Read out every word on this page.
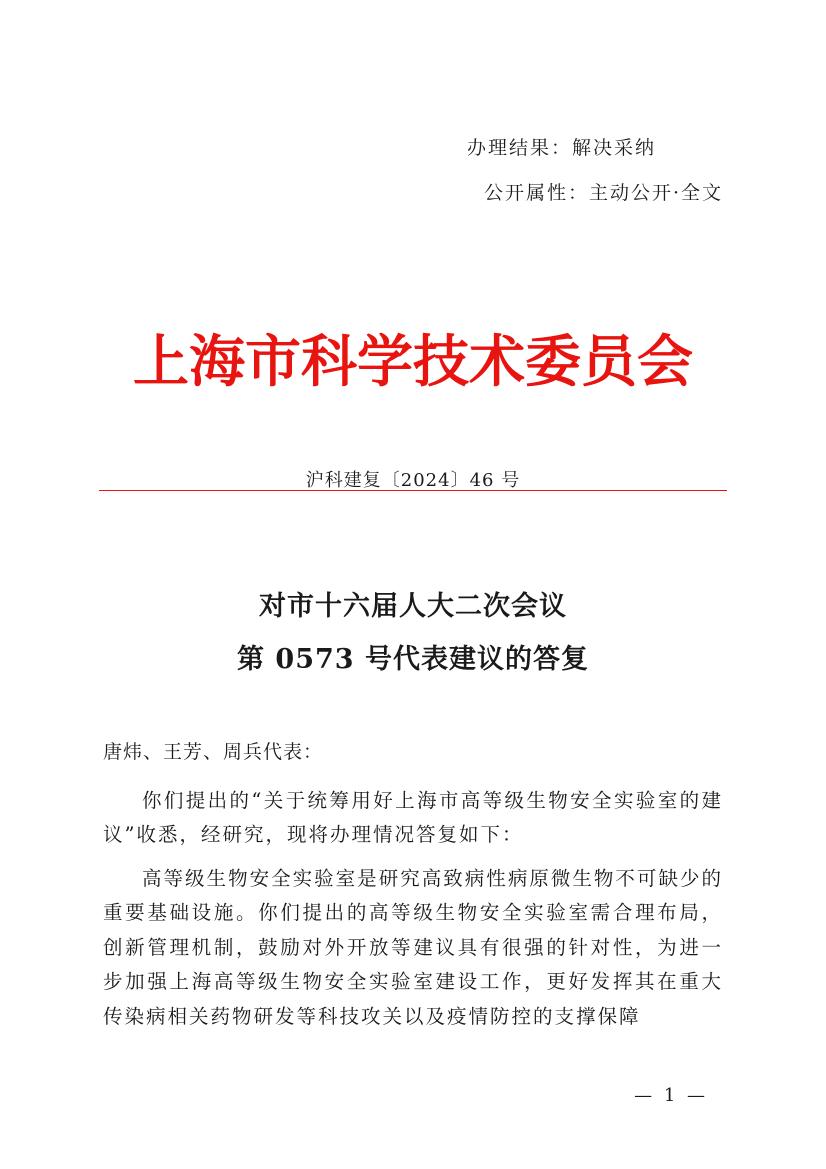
办理结果：解决采纳
公开属性：主动公开·全文
上海市科学技术委员会
沪科建复〔2024〕46 号
对市十六届人大二次会议
第 0573 号代表建议的答复
唐炜、王芳、周兵代表：

你们提出的“关于统筹用好上海市高等级生物安全实验室的建议”收悉，经研究，现将办理情况答复如下：

高等级生物安全实验室是研究高致病性病原微生物不可缺少的重要基础设施。你们提出的高等级生物安全实验室需合理布局，创新管理机制，鼓励对外开放等建议具有很强的针对性，为进一步加强上海高等级生物安全实验室建设工作，更好发挥其在重大传染病相关药物研发等科技攻关以及疫情防控的支撑保障

— 1 —
